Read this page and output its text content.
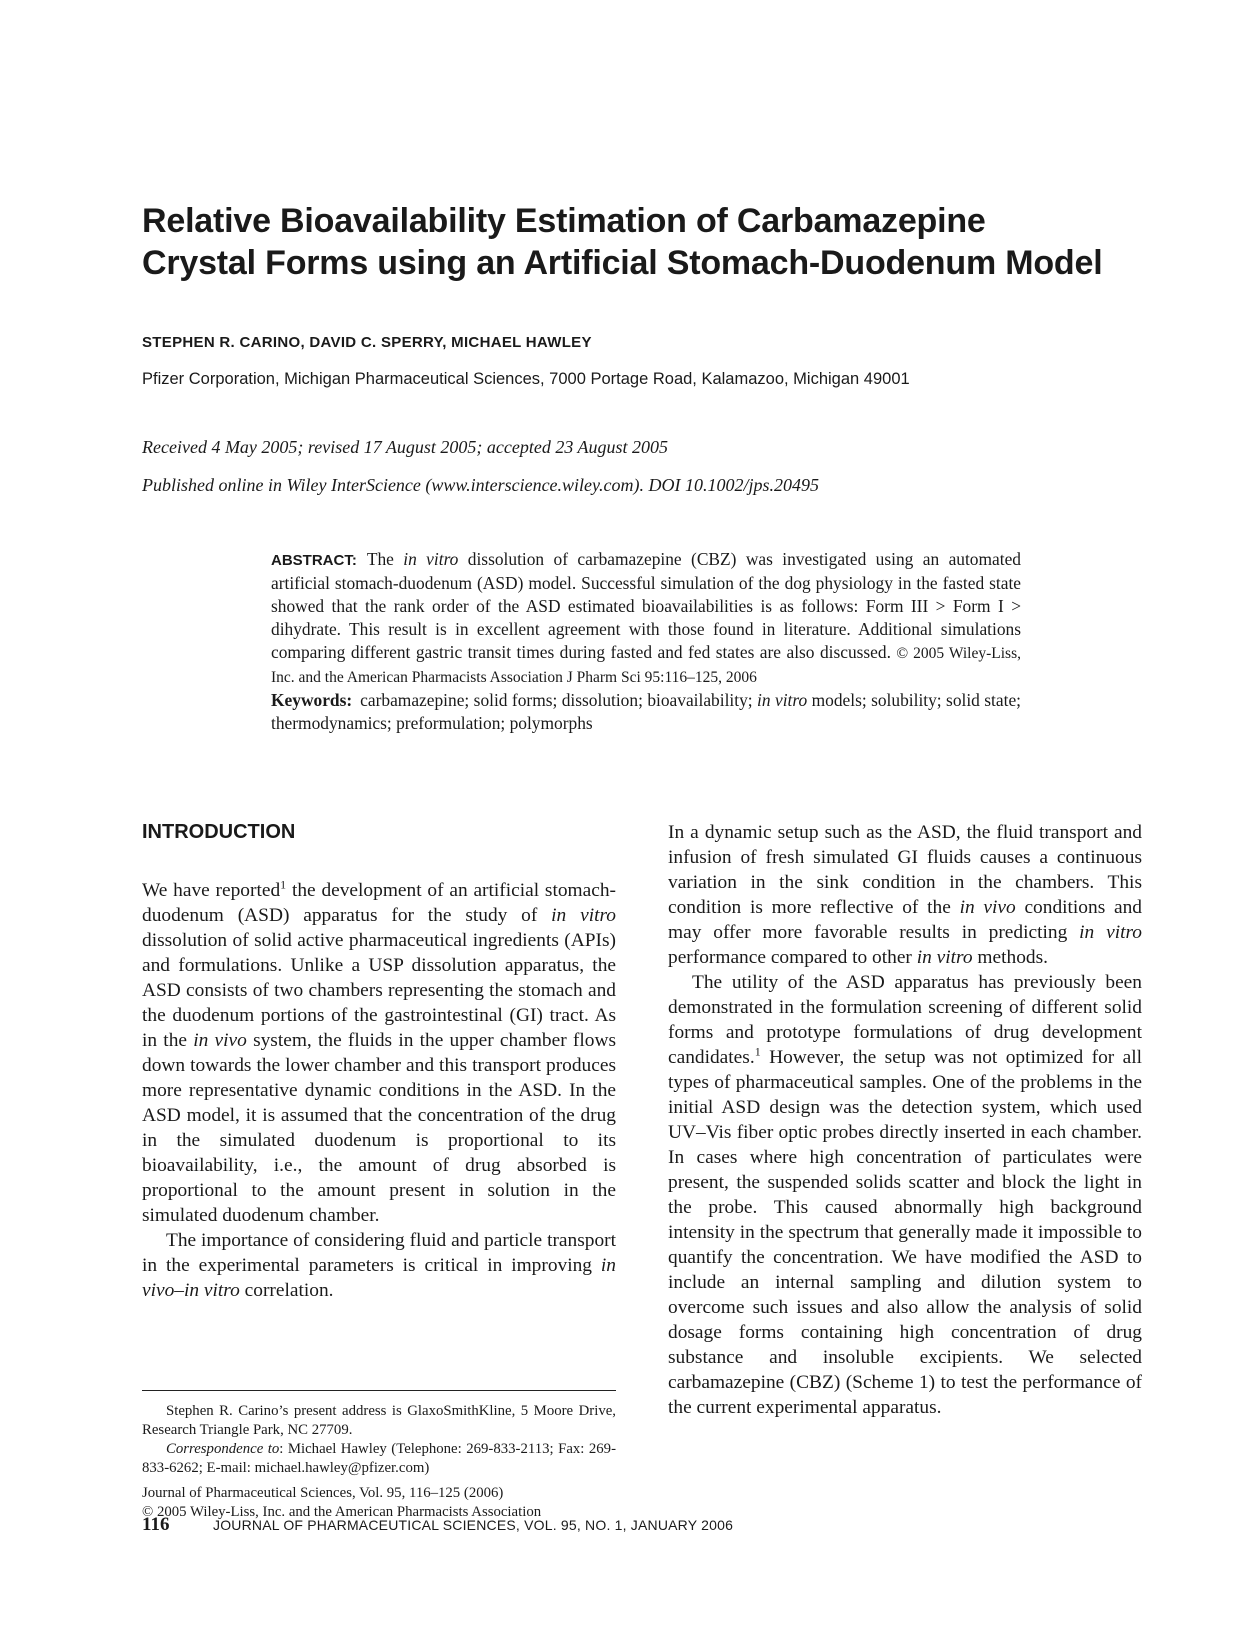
Relative Bioavailability Estimation of Carbamazepine
Crystal Forms using an Artificial Stomach-Duodenum Model
STEPHEN R. CARINO, DAVID C. SPERRY, MICHAEL HAWLEY
Pfizer Corporation, Michigan Pharmaceutical Sciences, 7000 Portage Road, Kalamazoo, Michigan 49001
Received 4 May 2005; revised 17 August 2005; accepted 23 August 2005
Published online in Wiley InterScience (www.interscience.wiley.com). DOI 10.1002/jps.20495

ABSTRACT: The in vitro dissolution of carbamazepine (CBZ) was investigated using an automated artificial stomach-duodenum (ASD) model. Successful simulation of the dog physiology in the fasted state showed that the rank order of the ASD estimated bioavailabilities is as follows: Form III > Form I > dihydrate. This result is in excellent agreement with those found in literature. Additional simulations comparing different gastric transit times during fasted and fed states are also discussed. © 2005 Wiley-Liss, Inc. and the American Pharmacists Association J Pharm Sci 95:116–125, 2006

Keywords: carbamazepine; solid forms; dissolution; bioavailability; in vitro models; solubility; solid state; thermodynamics; preformulation; polymorphs

INTRODUCTION

We have reported$^1$ the development of an artificial stomach-duodenum (ASD) apparatus for the study of in vitro dissolution of solid active pharmaceutical ingredients (APIs) and formulations. Unlike a USP dissolution apparatus, the ASD consists of two chambers representing the stomach and the duodenum portions of the gastrointestinal (GI) tract. As in the in vivo system, the fluids in the upper chamber flows down towards the lower chamber and this transport produces more representative dynamic conditions in the ASD. In the ASD model, it is assumed that the concentration of the drug in the simulated duodenum is proportional to its bioavailability, i.e., the amount of drug absorbed is proportional to the amount present in solution in the simulated duodenum chamber.

The importance of considering fluid and particle transport in the experimental parameters is critical in improving in vivo–in vitro correlation.

Stephen R. Carino’s present address is GlaxoSmithKline, 5 Moore Drive, Research Triangle Park, NC 27709.

Correspondence to: Michael Hawley (Telephone: 269-833-2113; Fax: 269-833-6262; E-mail: michael.hawley@pfizer.com)

Journal of Pharmaceutical Sciences, Vol. 95, 116–125 (2006)

© 2005 Wiley-Liss, Inc. and the American Pharmacists Association

In a dynamic setup such as the ASD, the fluid transport and infusion of fresh simulated GI fluids causes a continuous variation in the sink condition in the chambers. This condition is more reflective of the in vivo conditions and may offer more favorable results in predicting in vitro performance compared to other in vitro methods.

The utility of the ASD apparatus has previously been demonstrated in the formulation screening of different solid forms and prototype formulations of drug development candidates.$^1$ However, the setup was not optimized for all types of pharmaceutical samples. One of the problems in the initial ASD design was the detection system, which used UV–Vis fiber optic probes directly inserted in each chamber. In cases where high concentration of particulates were present, the suspended solids scatter and block the light in the probe. This caused abnormally high background intensity in the spectrum that generally made it impossible to quantify the concentration. We have modified the ASD to include an internal sampling and dilution system to overcome such issues and also allow the analysis of solid dosage forms containing high concentration of drug substance and insoluble excipients. We selected carbamazepine (CBZ) (Scheme 1) to test the performance of the current experimental apparatus.

116	JOURNAL OF PHARMACEUTICAL SCIENCES, VOL. 95, NO. 1, JANUARY 2006
